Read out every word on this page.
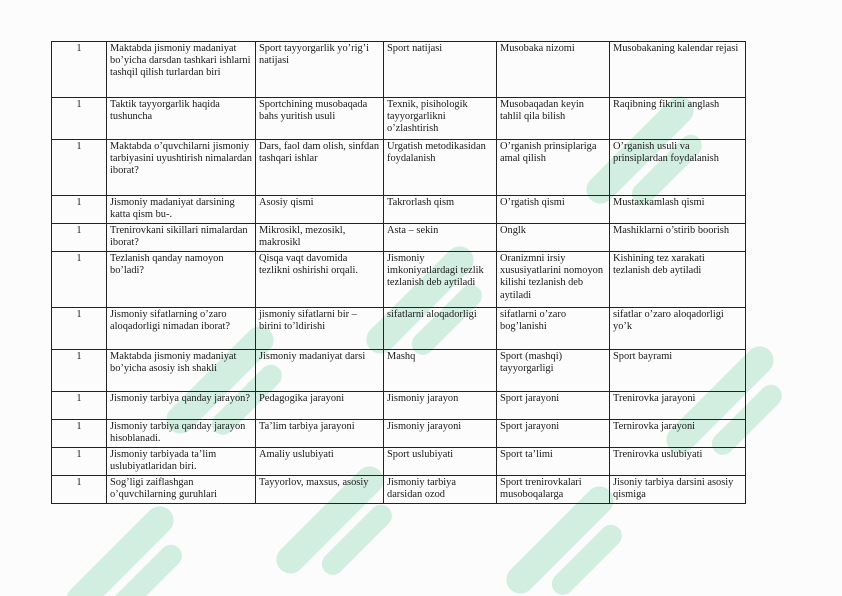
1	Maktabda jismoniy madaniyat bo’yicha darsdan tashkari ishlarni tashqil qilish turlardan biri	Sport tayyorgarlik yo’rig’i natijasi	Sport natijasi	Musobaka nizomi	Musobakaning kalendar rejasi
1	Taktik tayyorgarlik haqida tushuncha	Sportchining musobaqada bahs yuritish usuli	Texnik, pisihologik tayyorgarlikni o’zlashtirish	Musobaqadan keyin tahlil qila bilish	Raqibning fikrini anglash
1	Maktabda o’quvchilarni jismoniy tarbiyasini uyushtirish nimalardan iborat?	Dars, faol dam olish, sinfdan tashqari ishlar	Urgatish metodikasidan foydalanish	O’rganish prinsiplariga amal qilish	O’rganish usuli va prinsiplardan foydalanish
1	Jismoniy madaniyat darsining katta qism bu-.	Asosiy qismi	Takrorlash qism	O’rgatish qismi	Mustaxkamlash qismi
1	Trenirovkani sikillari nimalardan iborat?	Mikrosikl, mezosikl, makrosikl	Asta – sekin	Onglk	Mashiklarni o’stirib boorish
1	Tezlanish qanday namoyon bo’ladi?	Qisqa vaqt davomida tezlikni oshirishi orqali.	Jismoniy imkoniyatlardagi tezlik tezlanish deb aytiladi	Oranizmni irsiy xususiyatlarini nomoyon kilishi tezlanish deb aytiladi	Kishining tez xarakati tezlanish deb aytiladi
1	Jismoniy sifatlarning o’zaro aloqadorligi nimadan iborat?	jismoniy sifatlarni bir – birini to’ldirishi	sifatlarni aloqadorligi	sifatlarni o’zaro bog’lanishi	sifatlar o’zaro aloqadorligi yo’k
1	Maktabda jismoniy madaniyat bo’yicha asosiy ish shakli	Jismoniy madaniyat darsi	Mashq	Sport (mashqi) tayyorgarligi	Sport bayrami
1	Jismoniy tarbiya qanday jarayon?	Pedagogika jarayoni	Jismoniy jarayon	Sport jarayoni	Trenirovka jarayoni
1	Jismoniy tarbiya qanday jarayon hisoblanadi.	Ta’lim tarbiya jarayoni	Jismoniy jarayoni	Sport jarayoni	Ternirovka jarayoni
1	Jismoniy tarbiyada ta’lim uslubiyatlaridan biri.	Amaliy uslubiyati	Sport uslubiyati	Sport ta’limi	Trenirovka uslubiyati
1	Sog’ligi zaiflashgan o’quvchilarning guruhlari	Tayyorlov, maxsus, asosiy	Jismoniy tarbiya darsidan ozod	Sport trenirovkalari musoboqalarga	Jisoniy tarbiya darsini asosiy qismiga
